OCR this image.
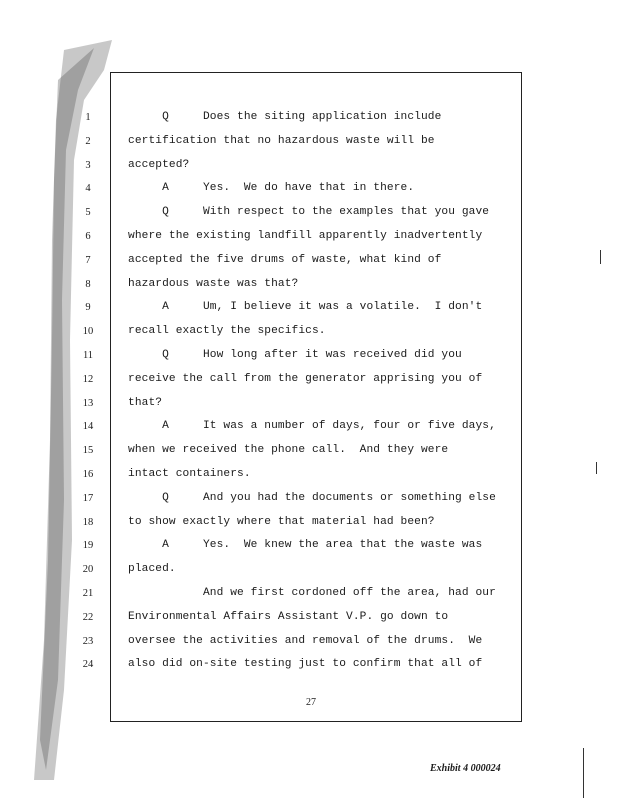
1
2
3
4
5
6
7
8
9
10
11
12
13
14
15
16
17
18
19
20
21
22
23
24
Q     Does the siting application include
certification that no hazardous waste will be
accepted?
A     Yes.  We do have that in there.
Q     With respect to the examples that you gave
where the existing landfill apparently inadvertently
accepted the five drums of waste, what kind of
hazardous waste was that?
A     Um, I believe it was a volatile.  I don't
recall exactly the specifics.
Q     How long after it was received did you
receive the call from the generator apprising you of
that?
A     It was a number of days, four or five days,
when we received the phone call.  And they were
intact containers.
Q     And you had the documents or something else
to show exactly where that material had been?
A     Yes.  We knew the area that the waste was
placed.
And we first cordoned off the area, had our
Environmental Affairs Assistant V.P. go down to
oversee the activities and removal of the drums.  We
also did on-site testing just to confirm that all of
27
Exhibit 4 000024
